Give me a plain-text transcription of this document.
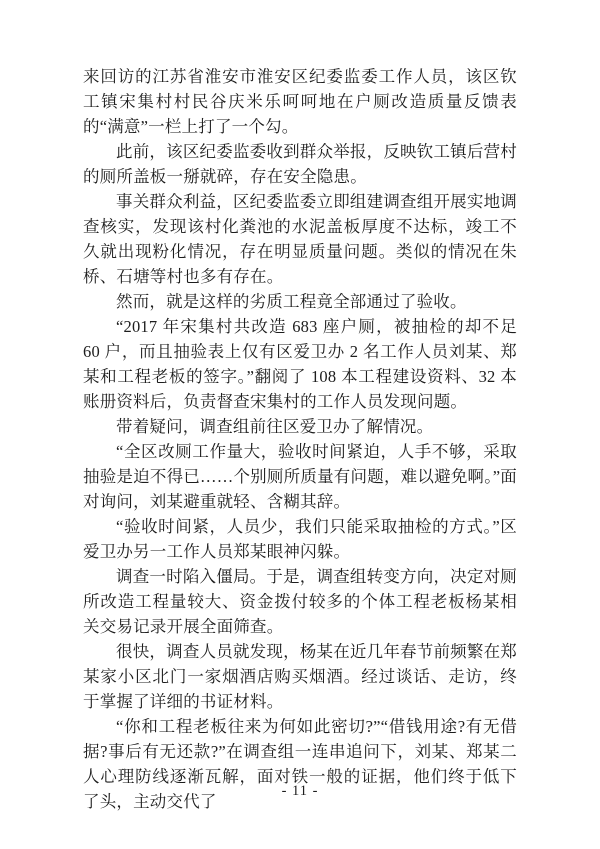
来回访的江苏省淮安市淮安区纪委监委工作人员，该区钦工镇宋集村村民谷庆米乐呵呵地在户厕改造质量反馈表的“满意”一栏上打了一个勾。

此前，该区纪委监委收到群众举报，反映钦工镇后营村的厕所盖板一掰就碎，存在安全隐患。

事关群众利益，区纪委监委立即组建调查组开展实地调查核实，发现该村化粪池的水泥盖板厚度不达标，竣工不久就出现粉化情况，存在明显质量问题。类似的情况在朱桥、石塘等村也多有存在。

然而，就是这样的劣质工程竟全部通过了验收。

“2017 年宋集村共改造 683 座户厕，被抽检的却不足 60 户，而且抽验表上仅有区爱卫办 2 名工作人员刘某、郑某和工程老板的签字。”翻阅了 108 本工程建设资料、32 本账册资料后，负责督查宋集村的工作人员发现问题。

带着疑问，调查组前往区爱卫办了解情况。

“全区改厕工作量大，验收时间紧迫，人手不够，采取抽验是迫不得已……个别厕所质量有问题，难以避免啊。”面对询问，刘某避重就轻、含糊其辞。

“验收时间紧，人员少，我们只能采取抽检的方式。”区爱卫办另一工作人员郑某眼神闪躲。

调查一时陷入僵局。于是，调查组转变方向，决定对厕所改造工程量较大、资金拨付较多的个体工程老板杨某相关交易记录开展全面筛查。

很快，调查人员就发现，杨某在近几年春节前频繁在郑某家小区北门一家烟酒店购买烟酒。经过谈话、走访，终于掌握了详细的书证材料。

“你和工程老板往来为何如此密切?”“借钱用途?有无借据?事后有无还款?”在调查组一连串追问下，刘某、郑某二人心理防线逐渐瓦解，面对铁一般的证据，他们终于低下了头，主动交代了

- 11 -
